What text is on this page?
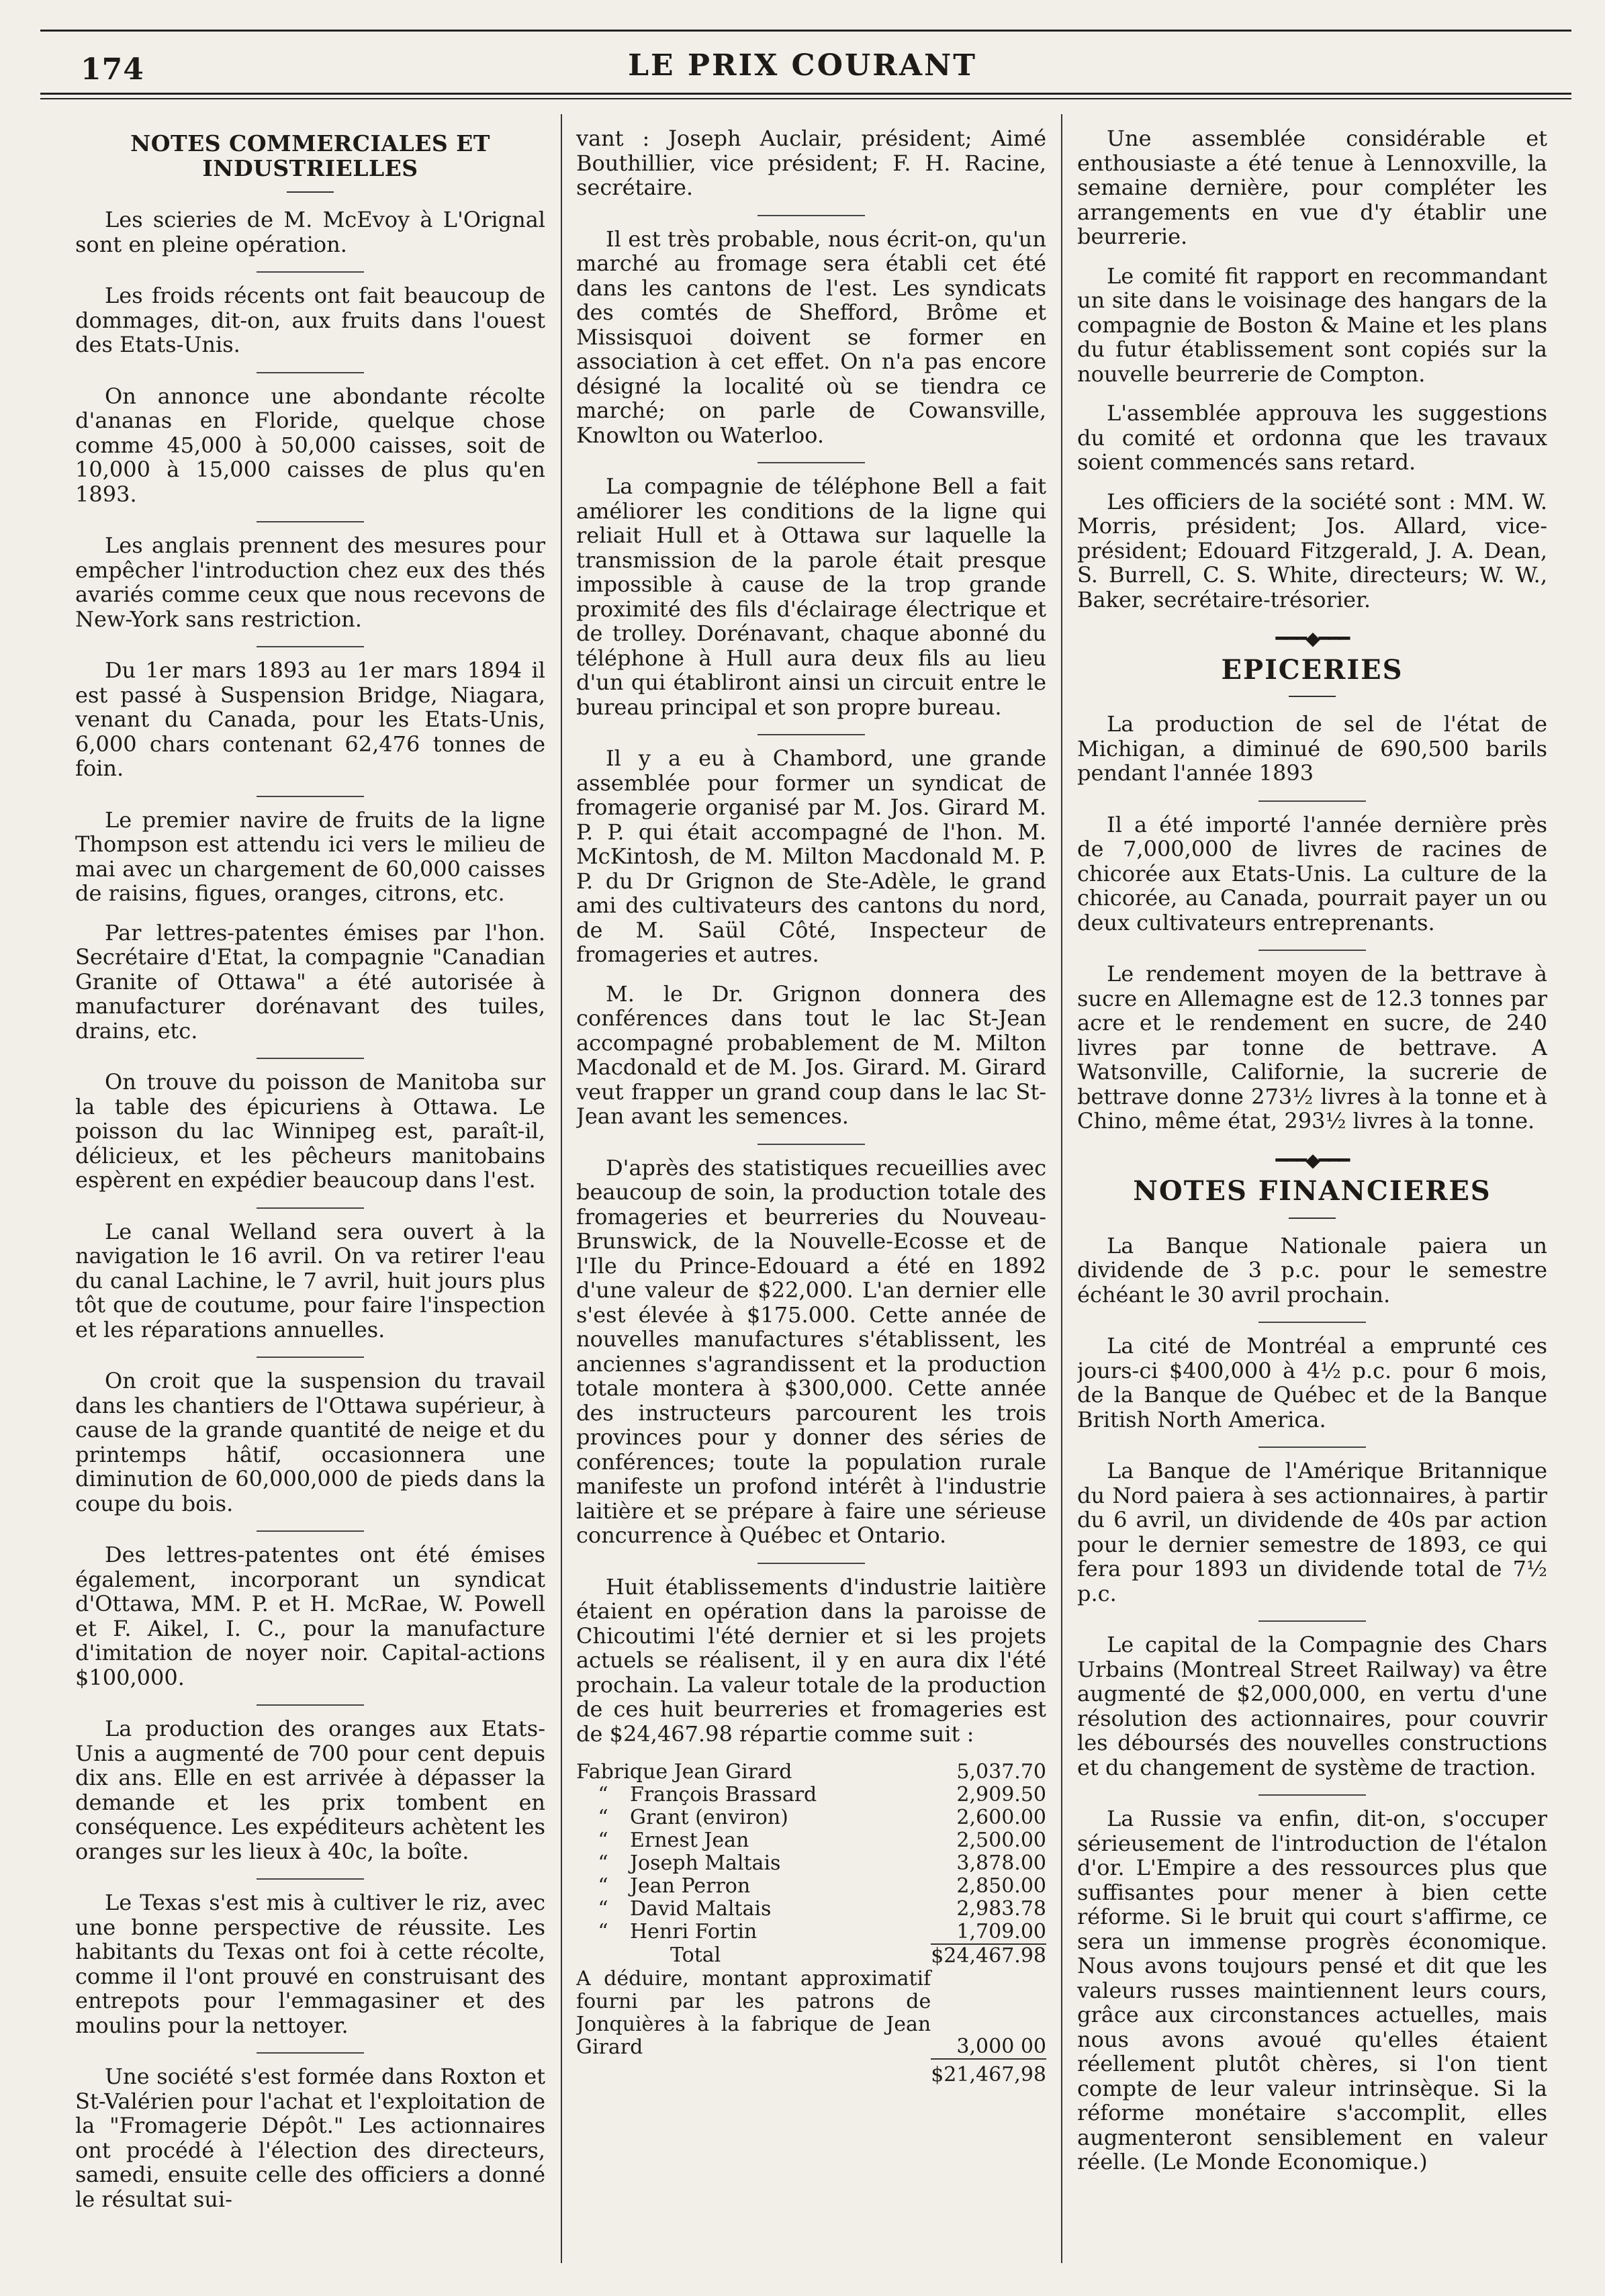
174	LE PRIX COURANT
NOTES COMMERCIALES ET INDUSTRIELLES

Les scieries de M. McEvoy à L'Orignal sont en pleine opération.

Les froids récents ont fait beaucoup de dommages, dit-on, aux fruits dans l'ouest des Etats-Unis.

On annonce une abondante récolte d'ananas en Floride, quelque chose comme 45,000 à 50,000 caisses, soit de 10,000 à 15,000 caisses de plus qu'en 1893.

Les anglais prennent des mesures pour empêcher l'introduction chez eux des thés avariés comme ceux que nous recevons de New-York sans restriction.

Du 1er mars 1893 au 1er mars 1894 il est passé à Suspension Bridge, Niagara, venant du Canada, pour les Etats-Unis, 6,000 chars contenant 62,476 tonnes de foin.

Le premier navire de fruits de la ligne Thompson est attendu ici vers le milieu de mai avec un chargement de 60,000 caisses de raisins, figues, oranges, citrons, etc.

Par lettres-patentes émises par l'hon. Secrétaire d'Etat, la compagnie "Canadian Granite of Ottawa" a été autorisée à manufacturer dorénavant des tuiles, drains, etc.

On trouve du poisson de Manitoba sur la table des épicuriens à Ottawa. Le poisson du lac Winnipeg est, paraît-il, délicieux, et les pêcheurs manitobains espèrent en expédier beaucoup dans l'est.

Le canal Welland sera ouvert à la navigation le 16 avril. On va retirer l'eau du canal Lachine, le 7 avril, huit jours plus tôt que de coutume, pour faire l'inspection et les réparations annuelles.

On croit que la suspension du travail dans les chantiers de l'Ottawa supérieur, à cause de la grande quantité de neige et du printemps hâtif, occasionnera une diminution de 60,000,000 de pieds dans la coupe du bois.

Des lettres-patentes ont été émises également, incorporant un syndicat d'Ottawa, MM. P. et H. McRae, W. Powell et F. Aikel, I. C., pour la manufacture d'imitation de noyer noir. Capital-actions $100,000.

La production des oranges aux Etats-Unis a augmenté de 700 pour cent depuis dix ans. Elle en est arrivée à dépasser la demande et les prix tombent en conséquence. Les expéditeurs achètent les oranges sur les lieux à 40c, la boîte.

Le Texas s'est mis à cultiver le riz, avec une bonne perspective de réussite. Les habitants du Texas ont foi à cette récolte, comme il l'ont prouvé en construisant des entrepots pour l'emmagasiner et des moulins pour la nettoyer.

Une société s'est formée dans Roxton et St-Valérien pour l'achat et l'exploitation de la "Fromagerie Dépôt." Les actionnaires ont procédé à l'élection des directeurs, samedi, ensuite celle des officiers a donné le résultat sui-

vant : Joseph Auclair, président; Aimé Bouthillier, vice président; F. H. Racine, secrétaire.

Il est très probable, nous écrit-on, qu'un marché au fromage sera établi cet été dans les cantons de l'est. Les syndicats des comtés de Shefford, Brôme et Missisquoi doivent se former en association à cet effet. On n'a pas encore désigné la localité où se tiendra ce marché; on parle de Cowansville, Knowlton ou Waterloo.

La compagnie de téléphone Bell a fait améliorer les conditions de la ligne qui reliait Hull et à Ottawa sur laquelle la transmission de la parole était presque impossible à cause de la trop grande proximité des fils d'éclairage électrique et de trolley. Dorénavant, chaque abonné du téléphone à Hull aura deux fils au lieu d'un qui établiront ainsi un circuit entre le bureau principal et son propre bureau.

Il y a eu à Chambord, une grande assemblée pour former un syndicat de fromagerie organisé par M. Jos. Girard M. P. P. qui était accompagné de l'hon. M. McKintosh, de M. Milton Macdonald M. P. P. du Dr Grignon de Ste-Adèle, le grand ami des cultivateurs des cantons du nord, de M. Saül Côté, Inspecteur de fromageries et autres.

M. le Dr. Grignon donnera des conférences dans tout le lac St-Jean accompagné probablement de M. Milton Macdonald et de M. Jos. Girard. M. Girard veut frapper un grand coup dans le lac St-Jean avant les semences.

D'après des statistiques recueillies avec beaucoup de soin, la production totale des fromageries et beurreries du Nouveau-Brunswick, de la Nouvelle-Ecosse et de l'Ile du Prince-Edouard a été en 1892 d'une valeur de $22,000. L'an dernier elle s'est élevée à $175.000. Cette année de nouvelles manufactures s'établissent, les anciennes s'agrandissent et la production totale montera à $300,000. Cette année des instructeurs parcourent les trois provinces pour y donner des séries de conférences; toute la population rurale manifeste un profond intérêt à l'industrie laitière et se prépare à faire une sérieuse concurrence à Québec et Ontario.

Huit établissements d'industrie laitière étaient en opération dans la paroisse de Chicoutimi l'été dernier et si les projets actuels se réalisent, il y en aura dix l'été prochain. La valeur totale de la production de ces huit beurreries et fromageries est de $24,467.98 répartie comme suit :

Fabrique Jean Girard	5,037.70
“ François Brassard	2,909.50
“ Grant (environ)	2,600.00
“ Ernest Jean	2,500.00
“ Joseph Maltais	3,878.00
“ Jean Perron	2,850.00
“ David Maltais	2,983.78
“ Henri Fortin	1,709.00
Total	$24,467.98
A déduire, montant approximatif fourni par les patrons de Jonquières à la fabrique de Jean Girard	3,000 00
	$21,467,98

Une assemblée considérable et enthousiaste a été tenue à Lennoxville, la semaine dernière, pour compléter les arrangements en vue d'y établir une beurrerie.

Le comité fit rapport en recommandant un site dans le voisinage des hangars de la compagnie de Boston & Maine et les plans du futur établissement sont copiés sur la nouvelle beurrerie de Compton.

L'assemblée approuva les suggestions du comité et ordonna que les travaux soient commencés sans retard.

Les officiers de la société sont : MM. W. Morris, président; Jos. Allard, vice-président; Edouard Fitzgerald, J. A. Dean, S. Burrell, C. S. White, directeurs; W. W., Baker, secrétaire-trésorier.

━━━◆━━━
EPICERIES

La production de sel de l'état de Michigan, a diminué de 690,500 barils pendant l'année 1893

Il a été importé l'année dernière près de 7,000,000 de livres de racines de chicorée aux Etats-Unis. La culture de la chicorée, au Canada, pourrait payer un ou deux cultivateurs entreprenants.

Le rendement moyen de la bettrave à sucre en Allemagne est de 12.3 tonnes par acre et le rendement en sucre, de 240 livres par tonne de bettrave. A Watsonville, Californie, la sucrerie de bettrave donne 273½ livres à la tonne et à Chino, même état, 293½ livres à la tonne.

━━━◆━━━
NOTES FINANCIERES

La Banque Nationale paiera un dividende de 3 p.c. pour le semestre échéant le 30 avril prochain.

La cité de Montréal a emprunté ces jours-ci $400,000 à 4½ p.c. pour 6 mois, de la Banque de Québec et de la Banque British North America.

La Banque de l'Amérique Britannique du Nord paiera à ses actionnaires, à partir du 6 avril, un dividende de 40s par action pour le dernier semestre de 1893, ce qui fera pour 1893 un dividende total de 7½ p.c.

Le capital de la Compagnie des Chars Urbains (Montreal Street Railway) va être augmenté de $2,000,000, en vertu d'une résolution des actionnaires, pour couvrir les déboursés des nouvelles constructions et du changement de système de traction.

La Russie va enfin, dit-on, s'occuper sérieusement de l'introduction de l'étalon d'or. L'Empire a des ressources plus que suffisantes pour mener à bien cette réforme. Si le bruit qui court s'affirme, ce sera un immense progrès économique. Nous avons toujours pensé et dit que les valeurs russes maintiennent leurs cours, grâce aux circonstances actuelles, mais nous avons avoué qu'elles étaient réellement plutôt chères, si l'on tient compte de leur valeur intrinsèque. Si la réforme monétaire s'accomplit, elles augmenteront sensiblement en valeur réelle. (Le Monde Economique.)
